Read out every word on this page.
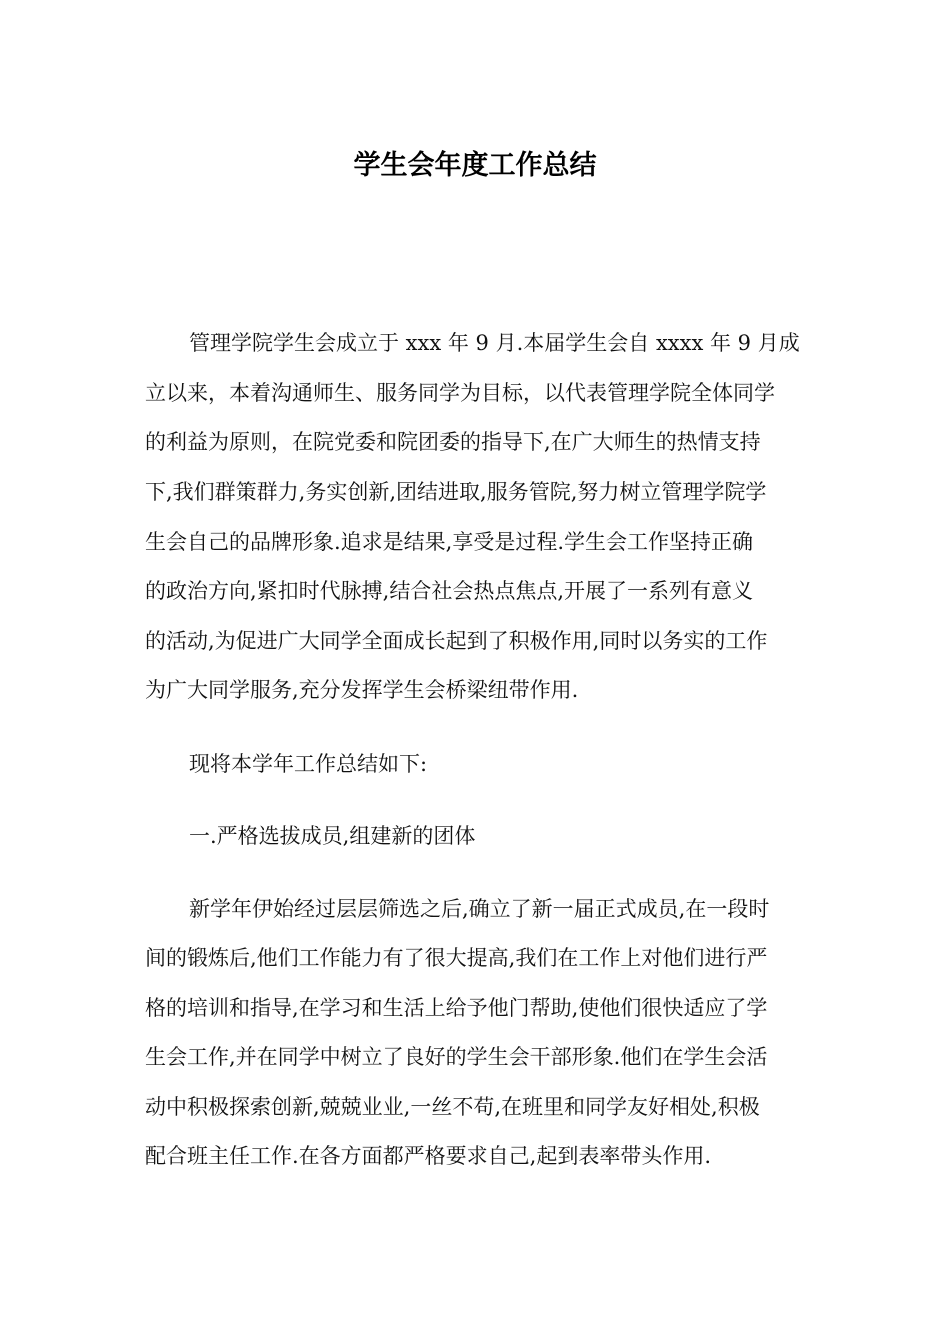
学生会年度工作总结
管理学院学生会成立于 xxx 年 9 月.本届学生会自 xxxx 年 9 月成
立以来，本着沟通师生、服务同学为目标，以代表管理学院全体同学
的利益为原则，在院党委和院团委的指导下,在广大师生的热情支持
下,我们群策群力,务实创新,团结进取,服务管院,努力树立管理学院学
生会自己的品牌形象.追求是结果,享受是过程.学生会工作坚持正确
的政治方向,紧扣时代脉搏,结合社会热点焦点,开展了一系列有意义
的活动,为促进广大同学全面成长起到了积极作用,同时以务实的工作
为广大同学服务,充分发挥学生会桥梁纽带作用.
现将本学年工作总结如下:
一.严格选拔成员,组建新的团体
新学年伊始经过层层筛选之后,确立了新一届正式成员,在一段时
间的锻炼后,他们工作能力有了很大提高,我们在工作上对他们进行严
格的培训和指导,在学习和生活上给予他门帮助,使他们很快适应了学
生会工作,并在同学中树立了良好的学生会干部形象.他们在学生会活
动中积极探索创新,兢兢业业,一丝不苟,在班里和同学友好相处,积极
配合班主任工作.在各方面都严格要求自己,起到表率带头作用.
